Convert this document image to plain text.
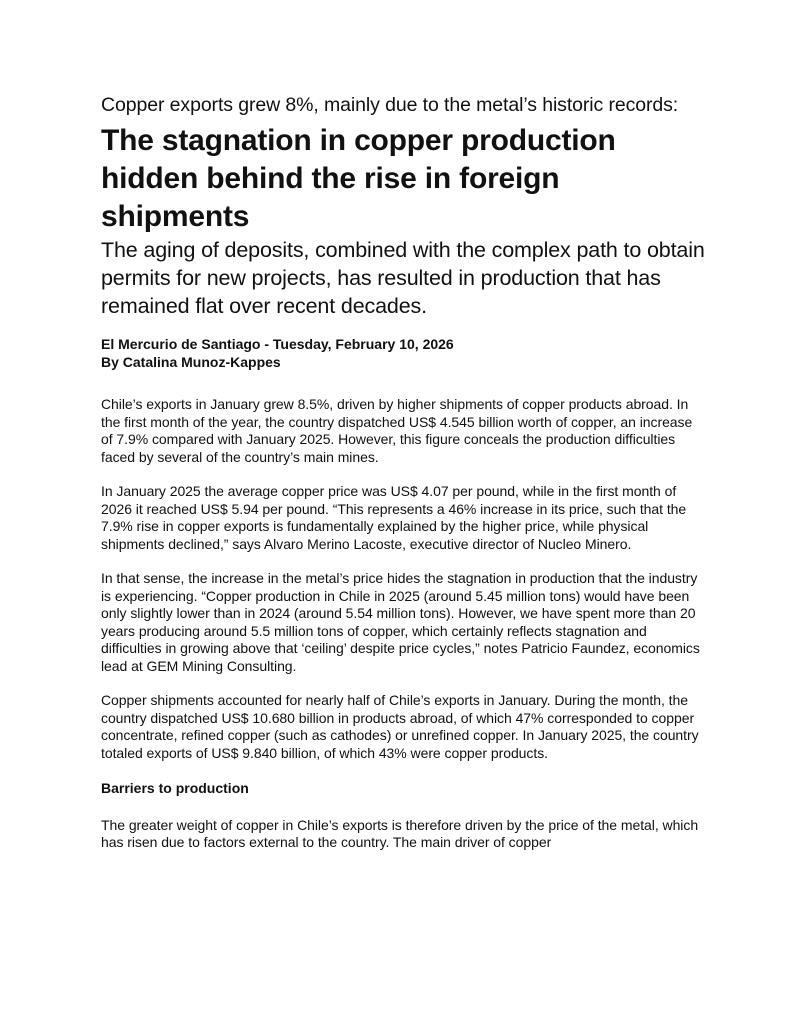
Copper exports grew 8%, mainly due to the metal’s historic records:
The stagnation in copper production hidden behind the rise in foreign shipments
The aging of deposits, combined with the complex path to obtain permits for new projects, has resulted in production that has remained flat over recent decades.
El Mercurio de Santiago - Tuesday, February 10, 2026
By Catalina Munoz-Kappes

Chile’s exports in January grew 8.5%, driven by higher shipments of copper products abroad. In the first month of the year, the country dispatched US$ 4.545 billion worth of copper, an increase of 7.9% compared with January 2025. However, this figure conceals the production difficulties faced by several of the country’s main mines.

In January 2025 the average copper price was US$ 4.07 per pound, while in the first month of 2026 it reached US$ 5.94 per pound. “This represents a 46% increase in its price, such that the 7.9% rise in copper exports is fundamentally explained by the higher price, while physical shipments declined,” says Alvaro Merino Lacoste, executive director of Nucleo Minero.

In that sense, the increase in the metal’s price hides the stagnation in production that the industry is experiencing. “Copper production in Chile in 2025 (around 5.45 million tons) would have been only slightly lower than in 2024 (around 5.54 million tons). However, we have spent more than 20 years producing around 5.5 million tons of copper, which certainly reflects stagnation and difficulties in growing above that ‘ceiling’ despite price cycles,” notes Patricio Faundez, economics lead at GEM Mining Consulting.

Copper shipments accounted for nearly half of Chile’s exports in January. During the month, the country dispatched US$ 10.680 billion in products abroad, of which 47% corresponded to copper concentrate, refined copper (such as cathodes) or unrefined copper. In January 2025, the country totaled exports of US$ 9.840 billion, of which 43% were copper products.

Barriers to production

The greater weight of copper in Chile’s exports is therefore driven by the price of the metal, which has risen due to factors external to the country. The main driver of copper
